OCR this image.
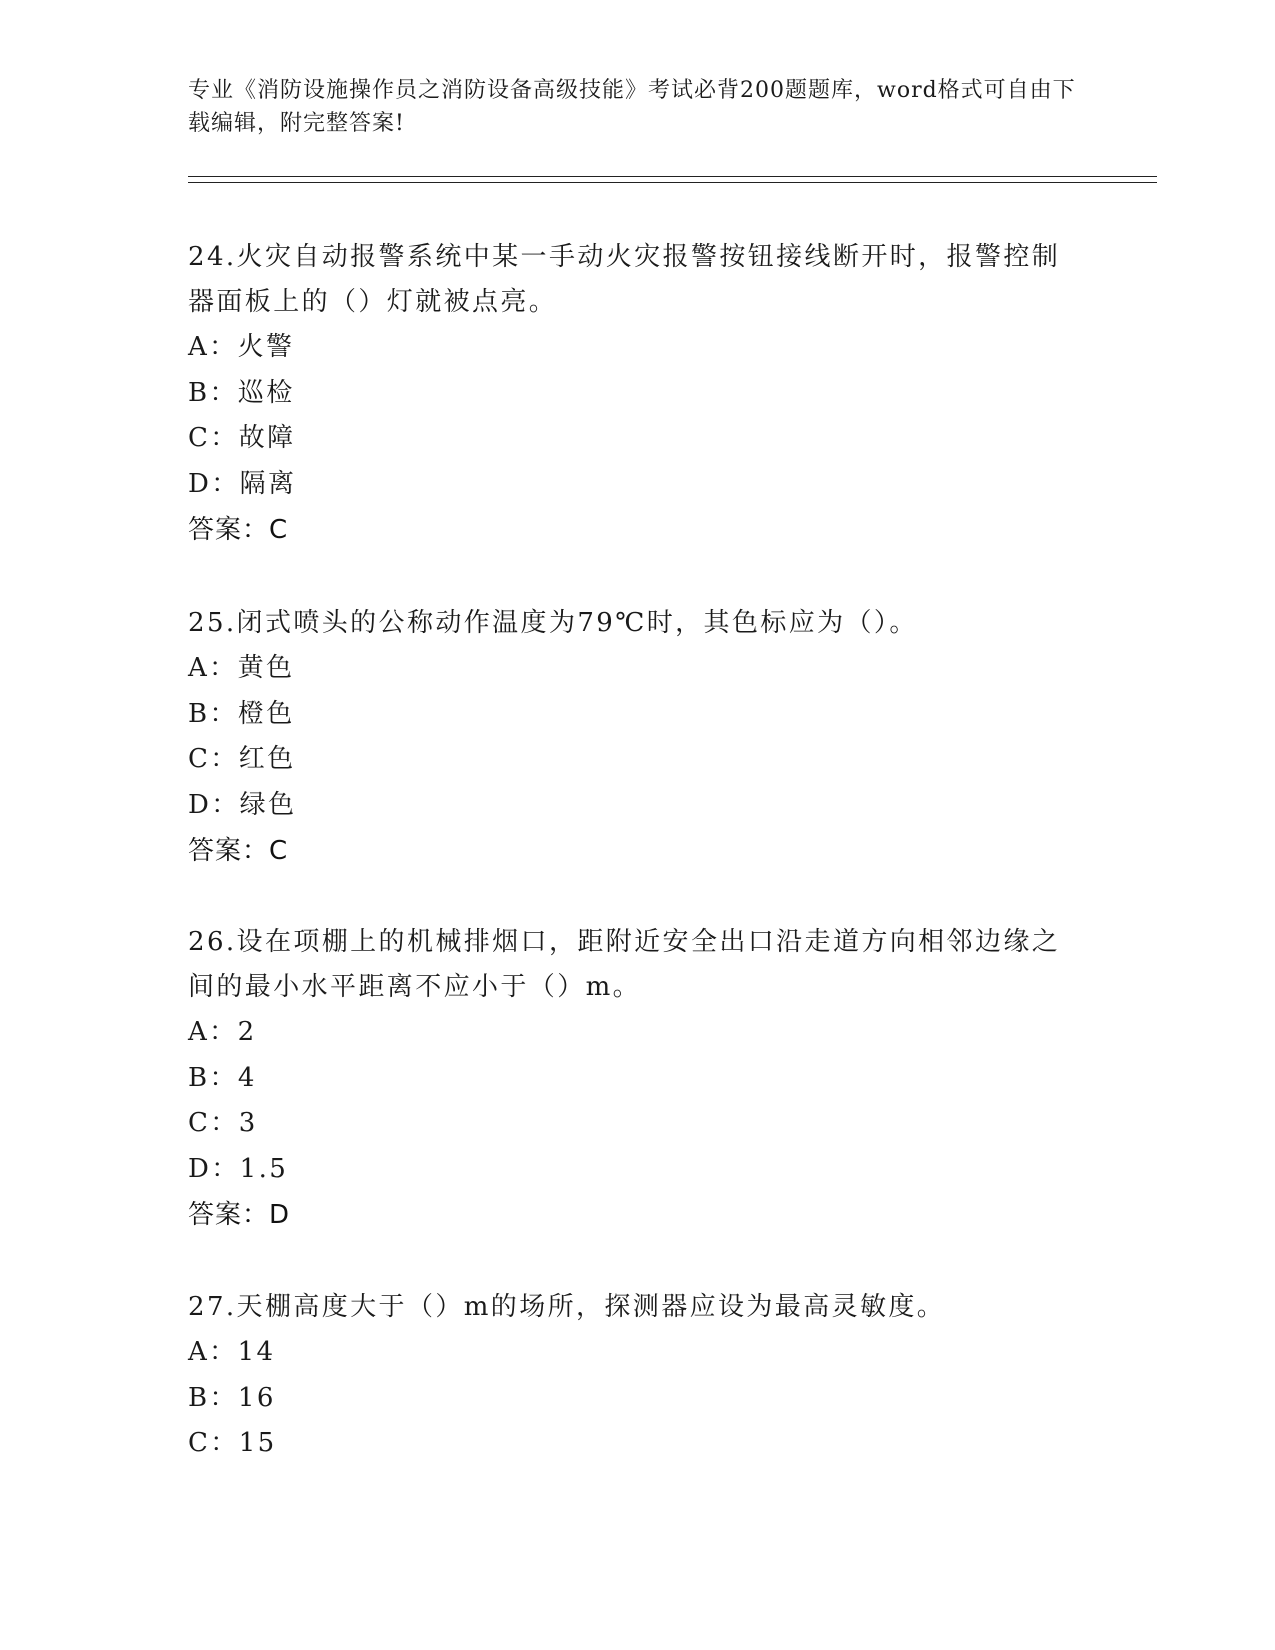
专业《消防设施操作员之消防设备高级技能》考试必背200题题库，word格式可自由下载编辑，附完整答案!

24.火灾自动报警系统中某一手动火灾报警按钮接线断开时，报警控制器面板上的（）灯就被点亮。

A：火警

B：巡检

C：故障

D：隔离

答案：C

25.闭式喷头的公称动作温度为79℃时，其色标应为（）。

A：黄色

B：橙色

C：红色

D：绿色

答案：C

26.设在项棚上的机械排烟口，距附近安全出口沿走道方向相邻边缘之间的最小水平距离不应小于（）m。

A：2

B：4

C：3

D：1.5

答案：D

27.天棚高度大于（）m的场所，探测器应设为最高灵敏度。

A：14

B：16

C：15
